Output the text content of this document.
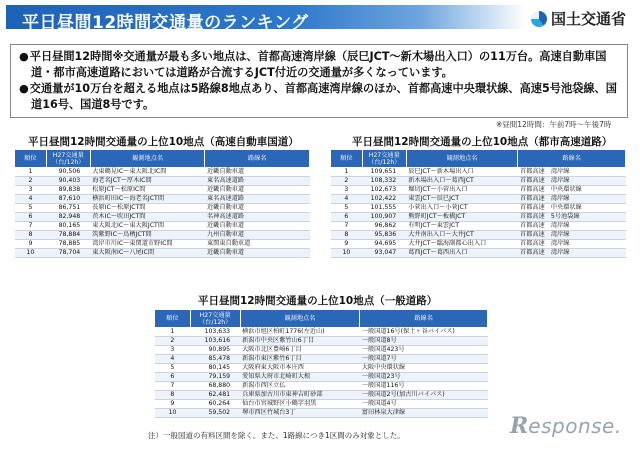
平日昼間12時間交通量のランキング	国土交通省

● 平日昼間12時間※交通量が最も多い地点は、首都高速湾岸線（辰巳JCT～新木場出入口）の11万台。高速自動車国道・都市高速道路においては道路が合流するJCT付近の交通量が多くなっています。

● 交通量が10万台を超える地点は5路線8地点あり、首都高速湾岸線のほか、首都高速中央環状線、高速5号池袋線、国道16号、国道8号です。

※昼間12時間：午前7時～午後7時
平日昼間12時間交通量の上位10地点（高速自動車国道）
順位	H27交通量
（台/12h）	観測地点名	路線名
1	90,506	大東鶴見IC～東大阪北IC間	近畿自動車道
2	90,403	海老名JCT～厚木IC間	東名高速道路
3	89,838	松原JCT～松原IC間	近畿自動車道
4	87,610	横浜町田IC～海老名JCT間	東名高速道路
5	86,751	長原IC～松原JCT間	近畿自動車道
6	82,948	茨木IC～吹田JCT間	名神高速道路
7	80,165	東大阪北IC～東大阪JCT間	近畿自動車道
8	78,884	筑紫野IC～鳥栖JCT間	九州自動車道
9	78,885	湾岸市川IC～東関道市野IC間	東関東自動車道
10	78,704	東大阪南IC～八尾IC間	近畿自動車道
平日昼間12時間交通量の上位10地点（都市高速道路）
順位	H27交通量
（台/12h）	観測地点名	路線名
1	109,651	辰巳JCT～新木場出入口	首都高速　湾岸線
2	108,332	新木場出入口～葛西JCT	首都高速　湾岸線
3	102,673	堀切JCT～小菅出入口	首都高速　中央環状線
4	102,422	東雲JCT～辰巳JCT	首都高速　湾岸線
5	101,555	小菅出入口～小菅JCT	首都高速　中央環状線
6	100,907	熊野町JCT～板橋JCT	首都高速　5号池袋線
7	96,862	有明JCT～東雲JCT	首都高速　湾岸線
8	95,836	大井南出入口～大井JCT	首都高速　湾岸線
9	94,695	大井JCT～臨海副都心出入口	首都高速　湾岸線
10	93,047	葛西JCT～葛西出入口	首都高速　湾岸線
平日昼間12時間交通量の上位10地点（一般道路）
順位	H27交通量
（台/12h）	観測地点名	路線名
1	103,633	横浜市旭区柏町1776(左近山)	一般国道16号(保土ヶ谷バイパス)
2	103,616	新潟市中央区紫竹山6丁目	一般国道8号
3	90,895	大阪市北区豊崎6丁目	一般国道423号
4	85,478	新潟市東区紫竹6丁目	一般国道7号
5	80,145	大阪府東大阪市本庄西	大阪中央環状線
6	79,159	愛知県大府市北崎町大根	一般国道23号
7	68,880	新潟市西区立仏	一般国道116号
8	62,481	兵庫県加古川市東神吉町砂部	一般国道2号(加古川バイパス)
9	60,264	仙台市宮城野区小鶴字羽黒	一般国道4号
10	59,502	堺市西区竹城台3丁	富田林泉大津線
注）一般国道の有料区間を除く。また、1路線につき1区間のみ対象とした。	R esponse.
